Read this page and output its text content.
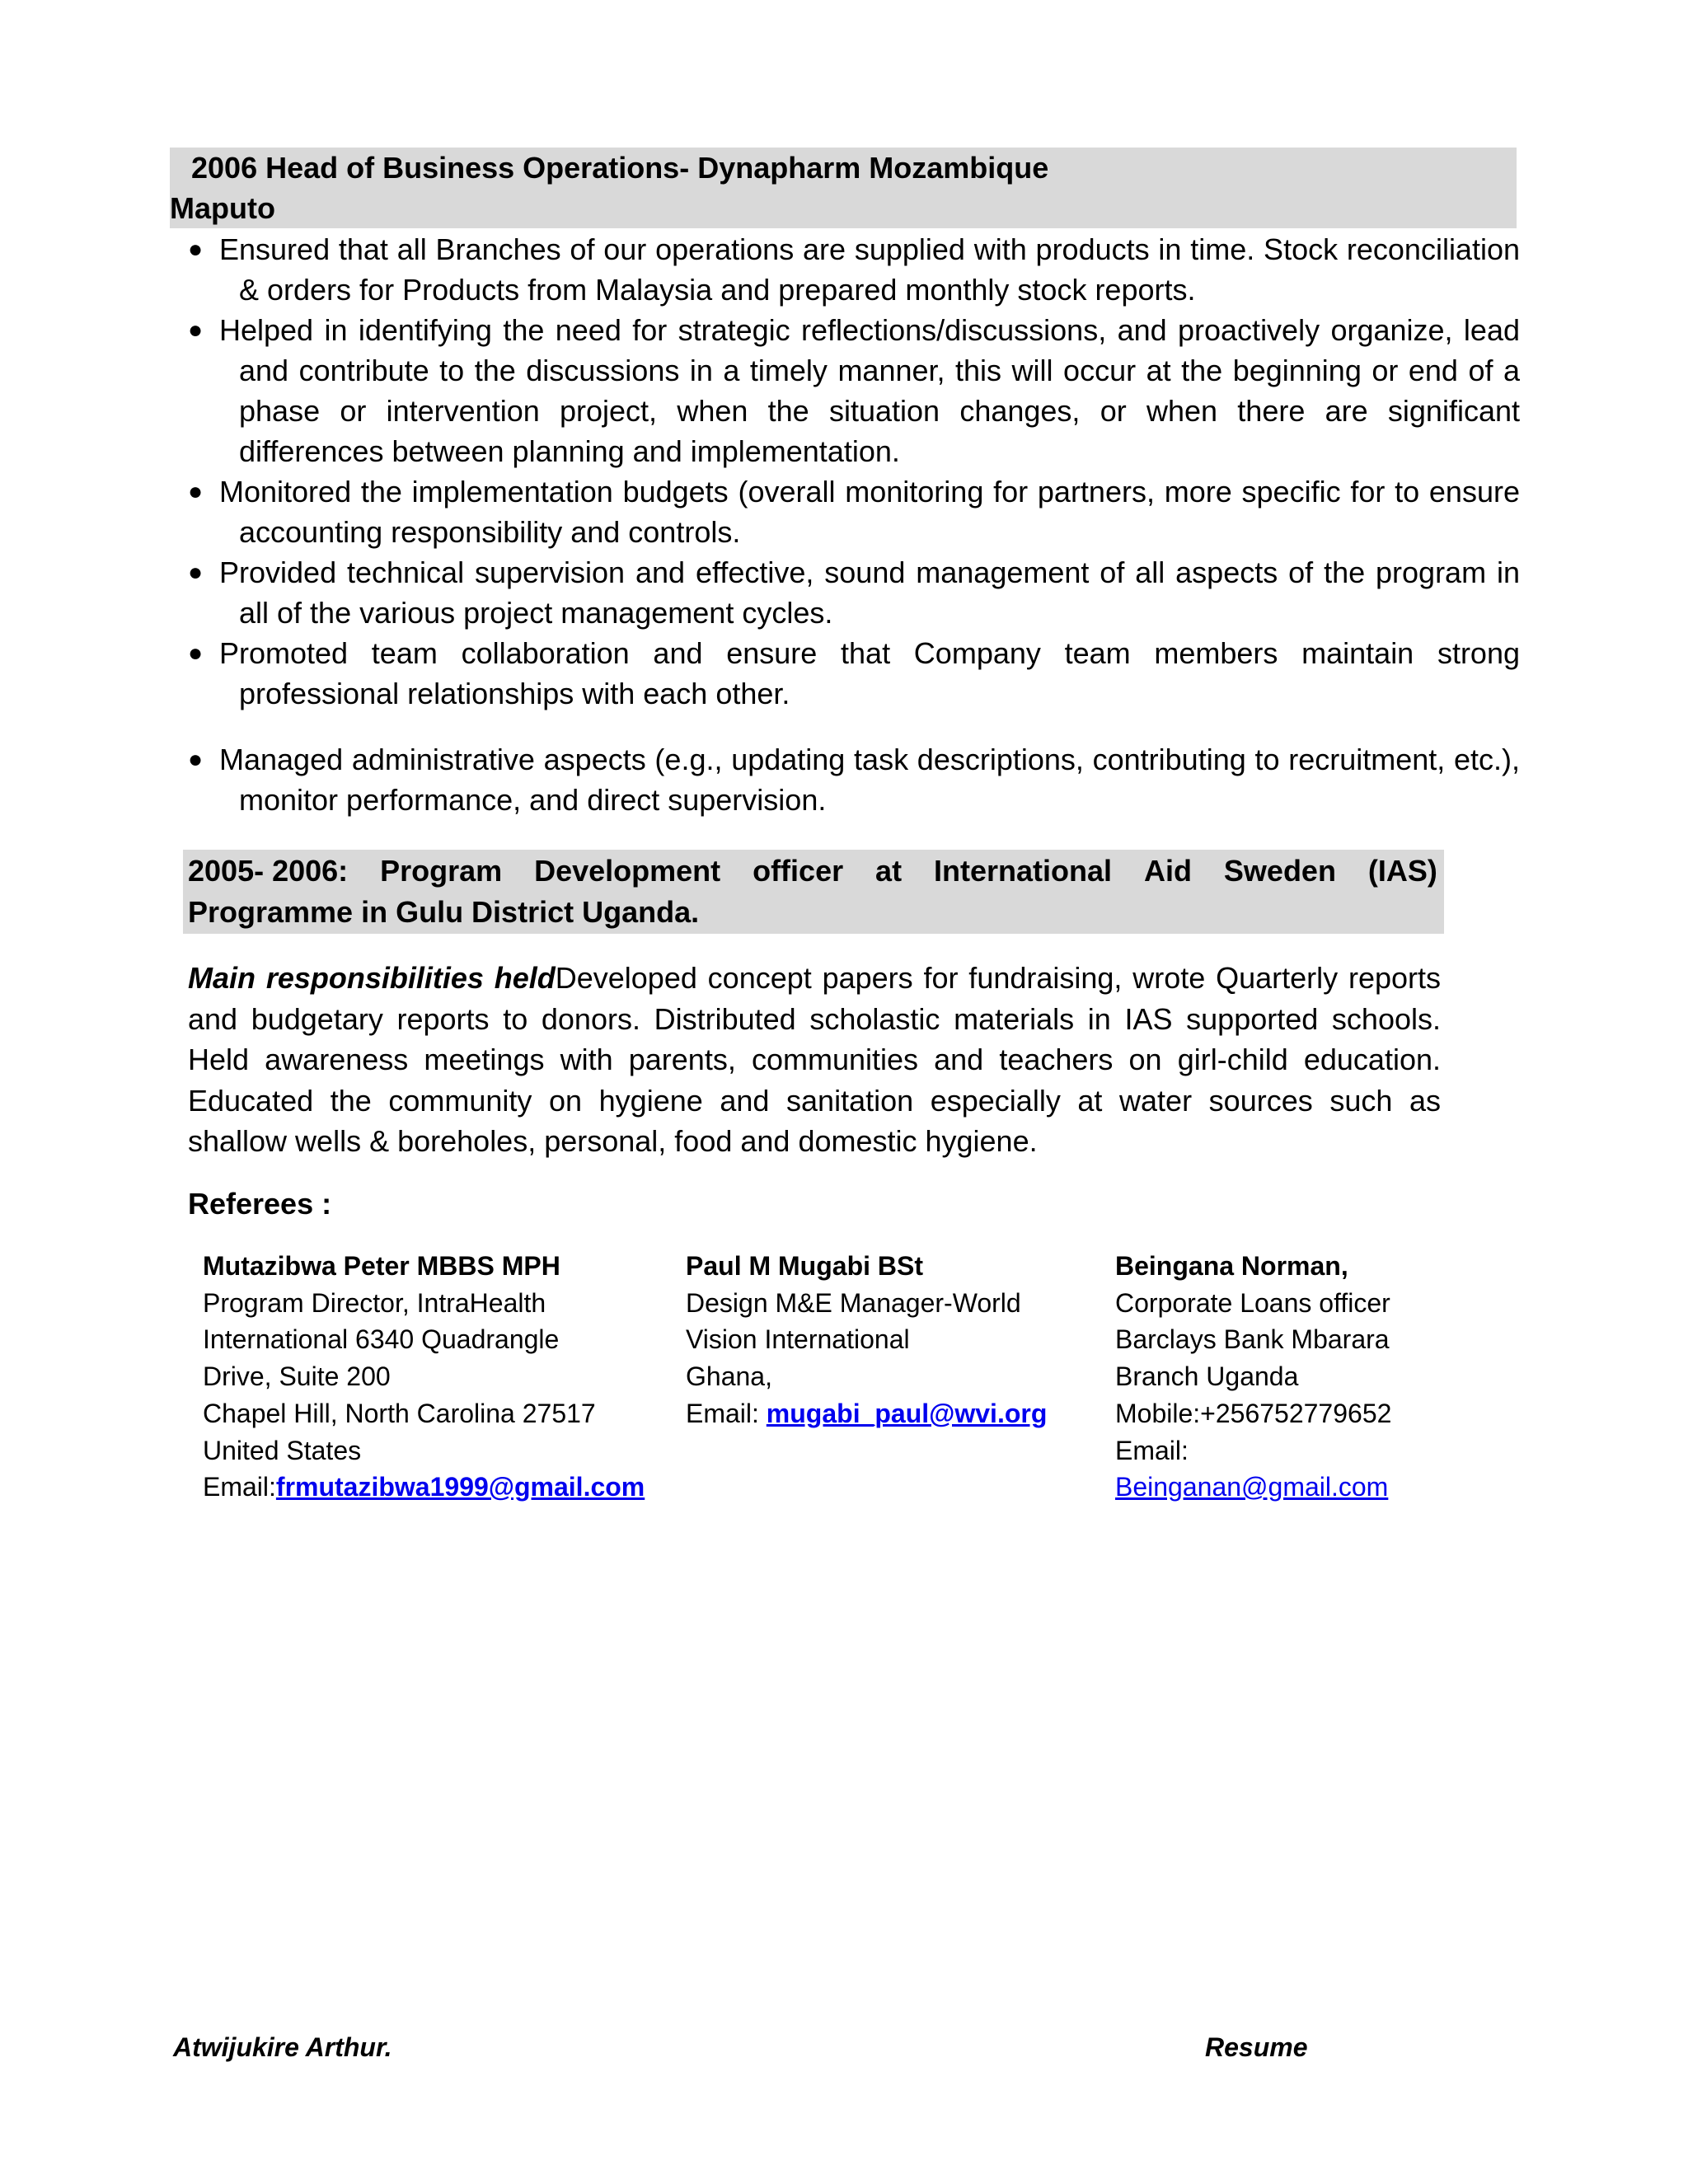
2006 Head of Business Operations- Dynapharm Mozambique
Maputo
● Ensured that all Branches of our operations are supplied with products in time. Stock reconciliation & orders for Products from Malaysia and prepared monthly stock reports.
● Helped in identifying the need for strategic reflections/discussions, and proactively organize, lead and contribute to the discussions in a timely manner, this will occur at the beginning or end of a phase or intervention project, when the situation changes, or when there are significant differences between planning and implementation.
● Monitored the implementation budgets (overall monitoring for partners, more specific for to ensure accounting responsibility and controls.
● Provided technical supervision and effective, sound management of all aspects of the program in all of the various project management cycles.
● Promoted team collaboration and ensure that Company team members maintain strong professional relationships with each other.
● Managed administrative aspects (e.g., updating task descriptions, contributing to recruitment, etc.), monitor performance, and direct supervision.
2005- 2006: Program Development officer at International Aid Sweden (IAS)
Programme in Gulu District Uganda.

Main responsibilities heldDeveloped concept papers for fundraising, wrote Quarterly reports and budgetary reports to donors. Distributed scholastic materials in IAS supported schools. Held awareness meetings with parents, communities and teachers on girl-child education. Educated the community on hygiene and sanitation especially at water sources such as shallow wells & boreholes, personal, food and domestic hygiene.

Referees :
Mutazibwa Peter MBBS MPH
Program Director, IntraHealth
International 6340 Quadrangle
Drive, Suite 200
Chapel Hill, North Carolina 27517
United States
Email:frmutazibwa1999@gmail.com
Paul M Mugabi BSt
Design M&E Manager-World
Vision International
Ghana,
Email: mugabi_paul@wvi.org
Beingana Norman,
Corporate Loans officer
Barclays Bank Mbarara
Branch Uganda
Mobile:+256752779652
Email:
Beinganan@gmail.com
Atwijukire Arthur.	Resume
